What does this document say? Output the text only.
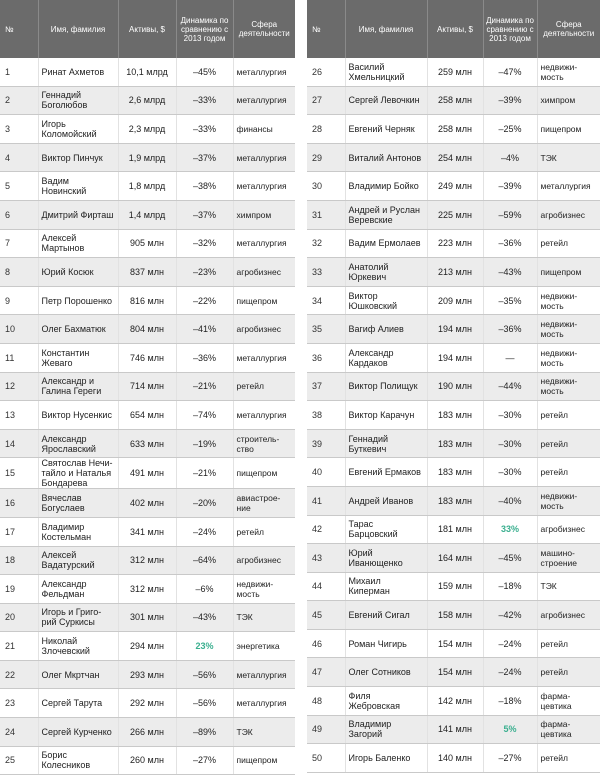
№	Имя, фамилия	Активы, $	Динамика по сравнению с 2013 годом	Сфера деятельности
1	Ринат Ахметов	10,1 млрд	–45%	металлургия
2	Геннадий Боголюбов	2,6 млрд	–33%	металлургия
3	Игорь Коломойский	2,3 млрд	–33%	финансы
4	Виктор Пинчук	1,9 млрд	–37%	металлургия
5	Вадим Новинский	1,8 млрд	–38%	металлургия
6	Дмитрий Фирташ	1,4 млрд	–37%	химпром
7	Алексей Мартынов	905 млн	–32%	металлургия
8	Юрий Косюк	837 млн	–23%	агробизнес
9	Петр Порошенко	816 млн	–22%	пищепром
10	Олег Бахматюк	804 млн	–41%	агробизнес
11	Константин Жеваго	746 млн	–36%	металлургия
12	Александр и Галина Гереги	714 млн	–21%	ретейл
13	Виктор Нусенкис	654 млн	–74%	металлургия
14	Александр Ярославский	633 млн	–19%	строитель-ство
15	Святослав Нечи-тайло и Наталья Бондарева	491 млн	–21%	пищепром
16	Вячеслав Богуслаев	402 млн	–20%	авиастрое-ние
17	Владимир Костельман	341 млн	–24%	ретейл
18	Алексей Вадатурский	312 млн	–64%	агробизнес
19	Александр Фельдман	312 млн	–6%	недвижи-мость
20	Игорь и Григо-рий Суркисы	301 млн	–43%	ТЭК
21	Николай Злочевский	294 млн	23%	энергетика
22	Олег Мкртчан	293 млн	–56%	металлургия
23	Сергей Тарута	292 млн	–56%	металлургия
24	Сергей Курченко	266 млн	–89%	ТЭК
25	Борис Колесников	260 млн	–27%	пищепром
№	Имя, фамилия	Активы, $	Динамика по сравнению с 2013 годом	Сфера деятельности
26	Василий Хмельницкий	259 млн	–47%	недвижи-мость
27	Сергей Левочкин	258 млн	–39%	химпром
28	Евгений Черняк	258 млн	–25%	пищепром
29	Виталий Антонов	254 млн	–4%	ТЭК
30	Владимир Бойко	249 млн	–39%	металлургия
31	Андрей и Руслан Веревские	225 млн	–59%	агробизнес
32	Вадим Ермолаев	223 млн	–36%	ретейл
33	Анатолий Юркевич	213 млн	–43%	пищепром
34	Виктор Юшковский	209 млн	–35%	недвижи-мость
35	Вагиф Алиев	194 млн	–36%	недвижи-мость
36	Александр Кардаков	194 млн	—	недвижи-мость
37	Виктор Полищук	190 млн	–44%	недвижи-мость
38	Виктор Карачун	183 млн	–30%	ретейл
39	Геннадий Буткевич	183 млн	–30%	ретейл
40	Евгений Ермаков	183 млн	–30%	ретейл
41	Андрей Иванов	183 млн	–40%	недвижи-мость
42	Тарас Барцовский	181 млн	33%	агробизнес
43	Юрий Иванющенко	164 млн	–45%	машино-строение
44	Михаил Киперман	159 млн	–18%	ТЭК
45	Евгений Сигал	158 млн	–42%	агробизнес
46	Роман Чигирь	154 млн	–24%	ретейл
47	Олег Сотников	154 млн	–24%	ретейл
48	Филя Жебровская	142 млн	–18%	фарма-цевтика
49	Владимир Загорий	141 млн	5%	фарма-цевтика
50	Игорь Баленко	140 млн	–27%	ретейл
